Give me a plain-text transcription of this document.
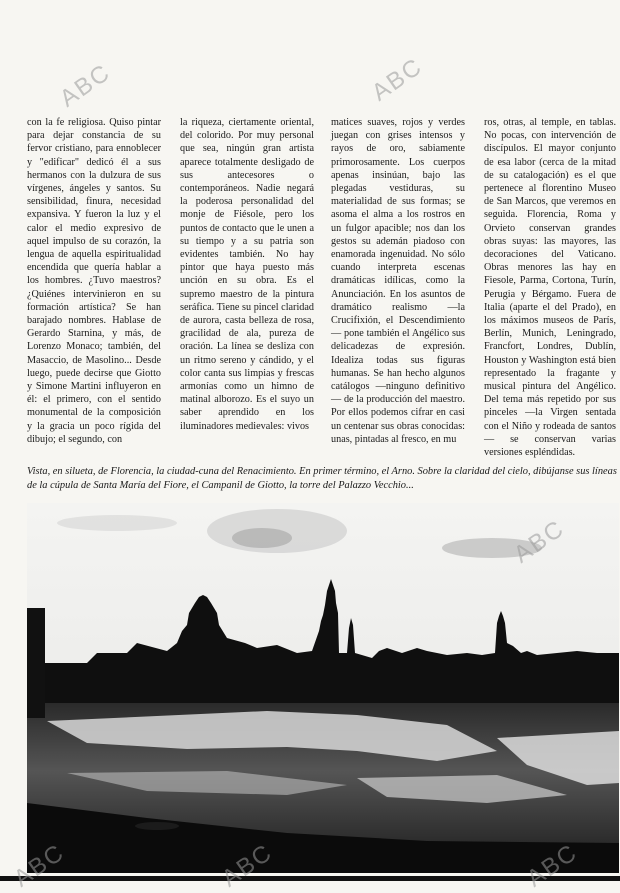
ABC	ABC
ABC
ABC	ABC	ABC
con la fe religiosa. Quiso pintar para dejar constancia de su fervor cristiano, para ennoblecer y "edificar" dedicó él a sus hermanos con la dulzura de sus vírgenes, ángeles y santos. Su sensibilidad, finura, necesidad expansiva. Y fueron la luz y el calor el medio expresivo de aquel impulso de su corazón, la lengua de aquella espiritualidad encendida que quería hablar a los hombres. ¿Tuvo maestros? ¿Quiénes intervinieron en su formación artística? Se han barajado nombres. Hablase de Gerardo Starnina, y más, de Lorenzo Monaco; también, del Masaccio, de Masolino... Desde luego, puede decirse que Giotto y Simone Martini influyeron en él: el primero, con el sentido monumental de la composición y la gracia un poco rígida del dibujo; el segundo, con
la riqueza, ciertamente oriental, del colorido. Por muy personal que sea, ningún gran artista aparece totalmente desligado de sus antecesores o contemporáneos. Nadie negará la poderosa personalidad del monje de Fiésole, pero los puntos de contacto que le unen a su tiempo y a su patria son evidentes también. No hay pintor que haya puesto más unción en su obra. Es el supremo maestro de la pintura seráfica. Tiene su pincel claridad de aurora, casta belleza de rosa, gracilidad de ala, pureza de oración. La línea se desliza con un ritmo sereno y cándido, y el color canta sus limpias y frescas armonías como un himno de matinal alborozo. Es el suyo un saber aprendido en los iluminadores medievales: vivos
matices suaves, rojos y verdes juegan con grises intensos y rayos de oro, sabiamente primorosamente. Los cuerpos apenas insinúan, bajo las plegadas vestiduras, su materialidad de sus formas; se asoma el alma a los rostros en un fulgor apacible; nos dan los gestos su ademán piadoso con enamorada ingenuidad. No sólo cuando interpreta escenas dramáticas idílicas, como la Anunciación. En los asuntos de dramático realismo —la Crucifixión, el Descendimiento— pone también el Angélico sus delicadezas de expresión. Idealiza todas sus figuras humanas. Se han hecho algunos catálogos —ninguno definitivo— de la producción del maestro. Por ellos podemos cifrar en casi un centenar sus obras conocidas: unas, pintadas al fresco, en mu
ros, otras, al temple, en tablas. No pocas, con intervención de discípulos. El mayor conjunto de esa labor (cerca de la mitad de su catalogación) es el que pertenece al florentino Museo de San Marcos, que veremos en seguida. Florencia, Roma y Orvieto conservan grandes obras suyas: las mayores, las decoraciones del Vaticano. Obras menores las hay en Fiesole, Parma, Cortona, Turín, Perugia y Bérgamo. Fuera de Italia (aparte el del Prado), en los máximos museos de París, Berlín, Munich, Leningrado, Francfort, Londres, Dublín, Houston y Washington está bien representado la fragante y musical pintura del Angélico. Del tema más repetido por sus pinceles —la Virgen sentada con el Niño y rodeada de santos— se conservan varias versiones espléndidas.
Vista, en silueta, de Florencia, la ciudad-cuna del Renacimiento. En primer término, el Arno. Sobre la claridad del cielo, dibújanse sus líneas de la cúpula de Santa María del Fiore, el Campanil de Giotto, la torre del Palazzo Vecchio...
